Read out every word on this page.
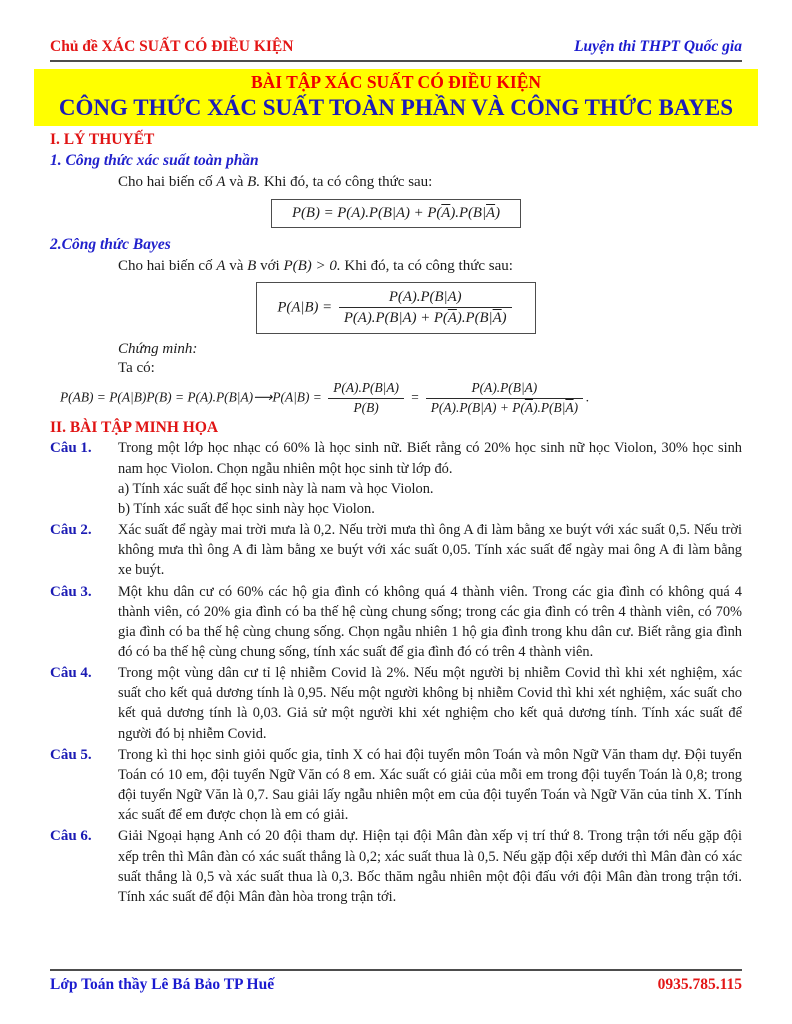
Chủ đề XÁC SUẤT CÓ ĐIỀU KIỆN	Luyện thi THPT Quốc gia
BÀI TẬP XÁC SUẤT CÓ ĐIỀU KIỆN
CÔNG THỨC XÁC SUẤT TOÀN PHẦN VÀ CÔNG THỨC BAYES
I. LÝ THUYẾT
1. Công thức xác suất toàn phần
Cho hai biến cố A và B. Khi đó, ta có công thức sau:
$P(B) = P(A).P(B|A) + P(\overline{A}).P(B|\overline{A})$
2.Công thức Bayes
Cho hai biến cố A và B với P(B) > 0. Khi đó, ta có công thức sau:
$P(A|B) = \frac{P(A).P(B|A)}{P(A).P(B|A) + P(\overline{A}).P(B|\overline{A})}$
Chứng minh:
Ta có:
P(AB) = P(A|B)P(B) = P(A).P(B|A)⟶P(A|B) = $\frac{P(A).P(B|A)}{P(B)} = \frac{P(A).P(B|A)}{P(A).P(B|A) + P(\overline{A}).P(B|\overline{A})}$ .
II. BÀI TẬP MINH HỌA
Câu 1.	Trong một lớp học nhạc có 60% là học sinh nữ. Biết rằng có 20% học sinh nữ học Violon, 30% học sinh nam học Violon. Chọn ngẫu nhiên một học sinh từ lớp đó.
a) Tính xác suất để học sinh này là nam và học Violon.
b) Tính xác suất để học sinh này học Violon.
Câu 2.	Xác suất để ngày mai trời mưa là 0,2. Nếu trời mưa thì ông A đi làm bằng xe buýt với xác suất 0,5. Nếu trời không mưa thì ông A đi làm bằng xe buýt với xác suất 0,05. Tính xác suất để ngày mai ông A đi làm bằng xe buýt.
Câu 3.	Một khu dân cư có 60% các hộ gia đình có không quá 4 thành viên. Trong các gia đình có không quá 4 thành viên, có 20% gia đình có ba thế hệ cùng chung sống; trong các gia đình có trên 4 thành viên, có 70% gia đình có ba thế hệ cùng chung sống. Chọn ngẫu nhiên 1 hộ gia đình trong khu dân cư. Biết rằng gia đình đó có ba thế hệ cùng chung sống, tính xác suất để gia đình đó có trên 4 thành viên.
Câu 4.	Trong một vùng dân cư tỉ lệ nhiễm Covid là 2%. Nếu một người bị nhiễm Covid thì khi xét nghiệm, xác suất cho kết quả dương tính là 0,95. Nếu một người không bị nhiễm Covid thì khi xét nghiệm, xác suất cho kết quả dương tính là 0,03. Giả sử một người khi xét nghiệm cho kết quả dương tính. Tính xác suất để người đó bị nhiễm Covid.
Câu 5.	Trong kì thi học sinh giỏi quốc gia, tỉnh X có hai đội tuyển môn Toán và môn Ngữ Văn tham dự. Đội tuyển Toán có 10 em, đội tuyển Ngữ Văn có 8 em. Xác suất có giải của mỗi em trong đội tuyển Toán là 0,8; trong đội tuyển Ngữ Văn là 0,7. Sau giải lấy ngẫu nhiên một em của đội tuyển Toán và Ngữ Văn của tỉnh X. Tính xác suất để em được chọn là em có giải.
Câu 6.	Giải Ngoại hạng Anh có 20 đội tham dự. Hiện tại đội Mân đàn xếp vị trí thứ 8. Trong trận tới nếu gặp đội xếp trên thì Mân đàn có xác suất thắng là 0,2; xác suất thua là 0,5. Nếu gặp đội xếp dưới thì Mân đàn có xác suất thắng là 0,5 và xác suất thua là 0,3. Bốc thăm ngẫu nhiên một đội đấu với đội Mân đàn trong trận tới. Tính xác suất để đội Mân đàn hòa trong trận tới.
Lớp Toán thầy Lê Bá Bảo TP Huế	0935.785.115
